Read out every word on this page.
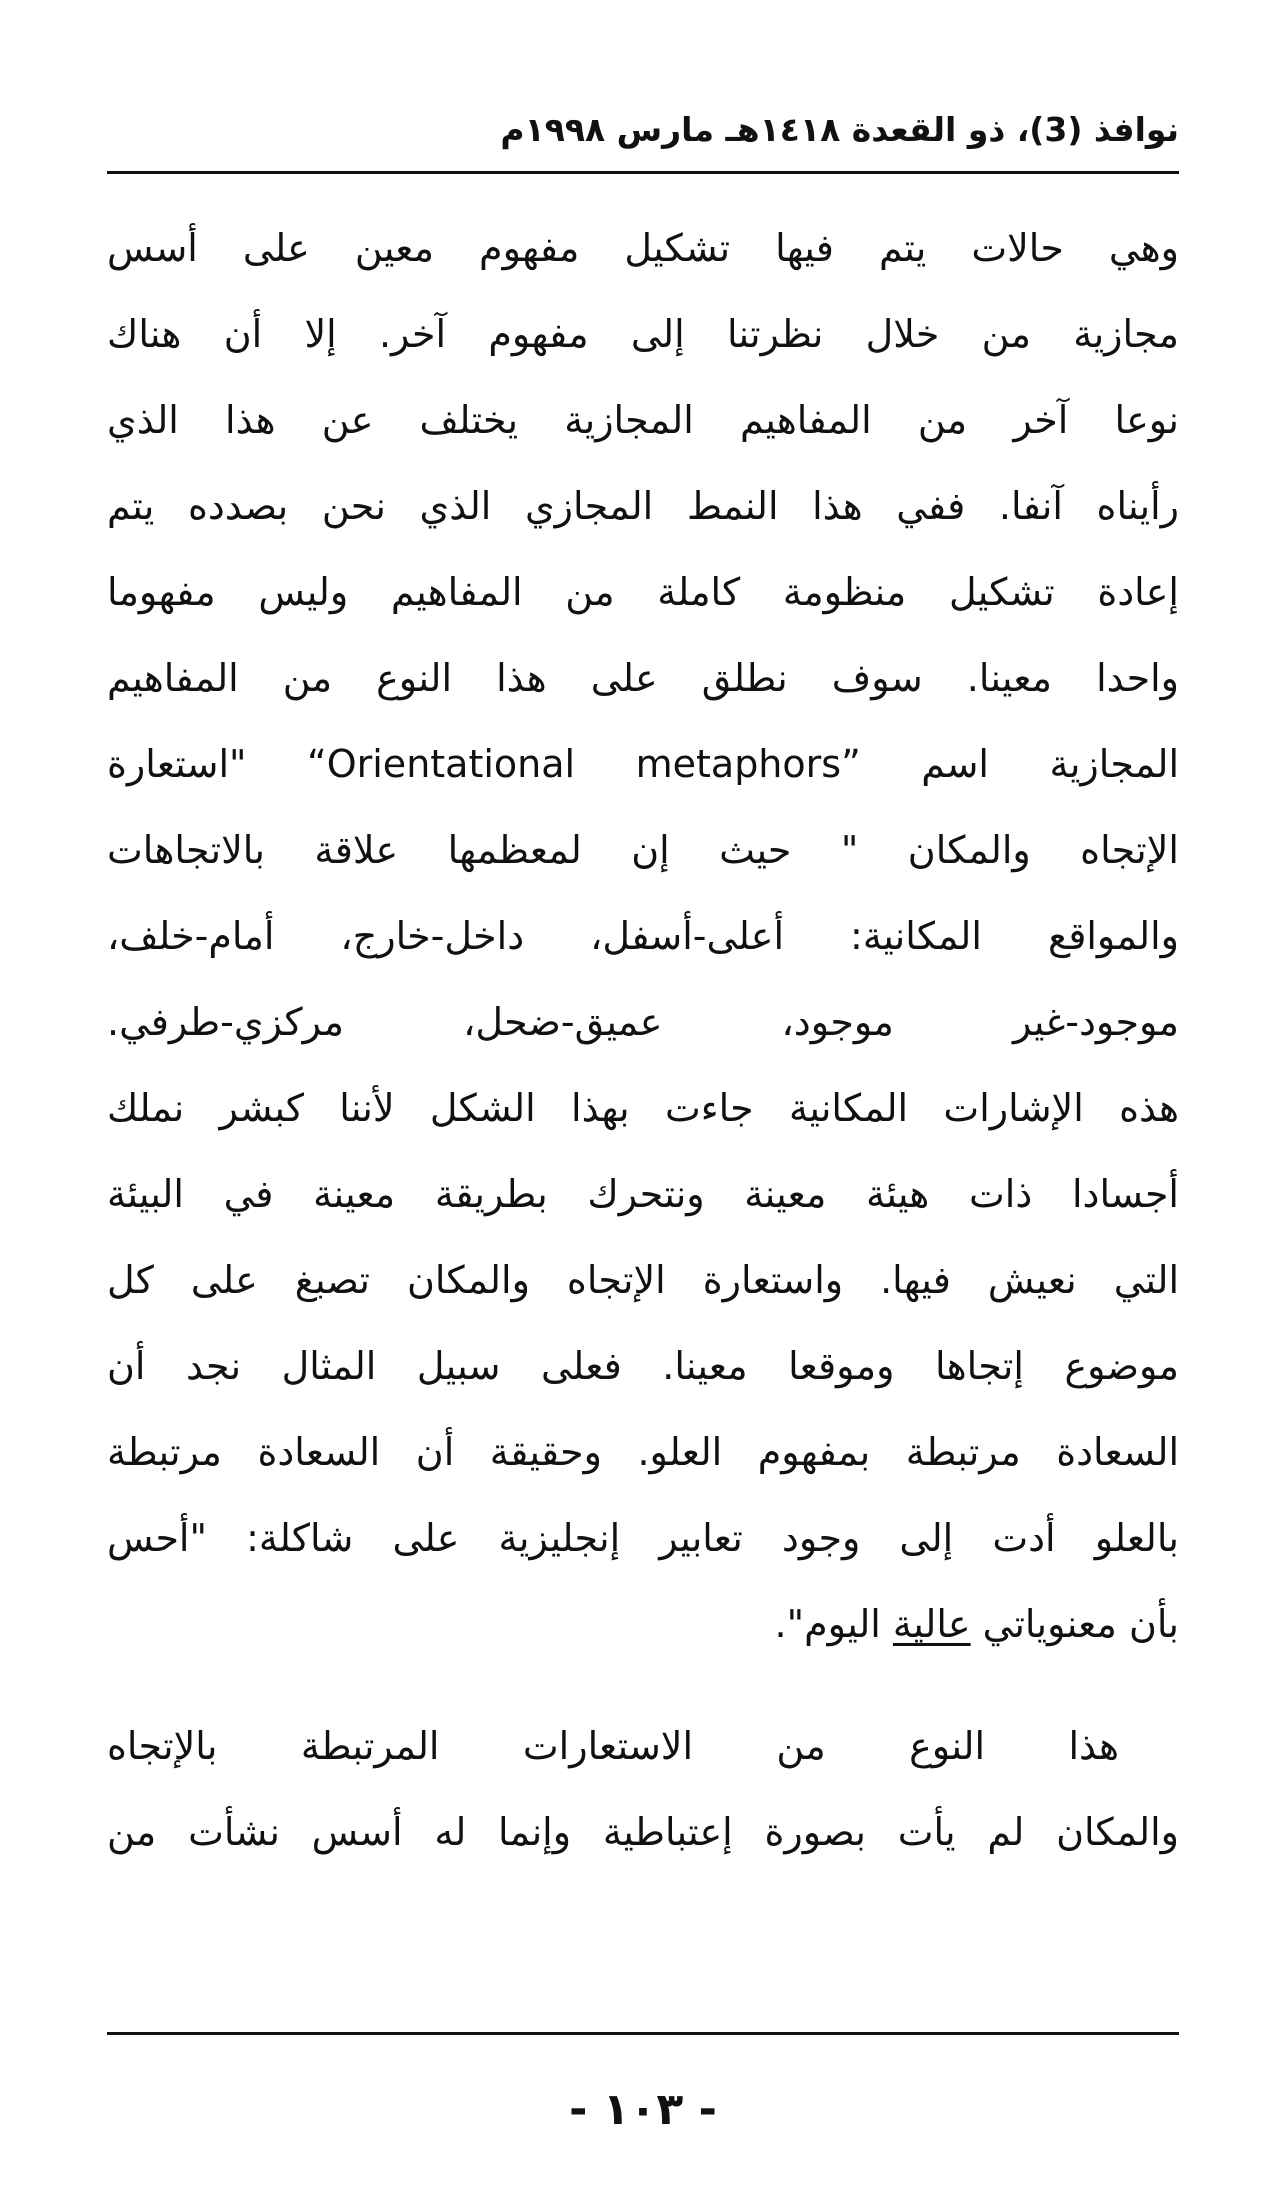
نوافذ (3)، ذو القعدة ١٤١٨هـ مارس ١٩٩٨م
وهي حالات يتم فيها تشكيل مفهوم معين على أسس
مجازية من خلال نظرتنا إلى مفهوم آخر. إلا أن هناك
نوعا آخر من المفاهيم المجازية يختلف عن هذا الذي
رأيناه آنفا. ففي هذا النمط المجازي الذي نحن بصدده يتم
إعادة تشكيل منظومة كاملة من المفاهيم وليس مفهوما
واحدا معينا. سوف نطلق على هذا النوع من المفاهيم
المجازية اسم ”Orientational metaphors“ "استعارة
الإتجاه والمكان " حيث إن لمعظمها علاقة بالاتجاهات
والمواقع المكانية: أعلى-أسفل، داخل-خارج، أمام-خلف،
موجود-غير موجود، عميق-ضحل، مركزي-طرفي.
هذه الإشارات المكانية جاءت بهذا الشكل لأننا كبشر نملك
أجسادا ذات هيئة معينة ونتحرك بطريقة معينة في البيئة
التي نعيش فيها. واستعارة الإتجاه والمكان تصبغ على كل
موضوع إتجاها وموقعا معينا. فعلى سبيل المثال نجد أن
السعادة مرتبطة بمفهوم العلو. وحقيقة أن السعادة مرتبطة
بالعلو أدت إلى وجود تعابير إنجليزية على شاكلة: "أحس
بأن معنوياتي عالية اليوم".
هذا النوع من الاستعارات المرتبطة بالإتجاه
والمكان لم يأت بصورة إعتباطية وإنما له أسس نشأت من
- ١٠٣ -
